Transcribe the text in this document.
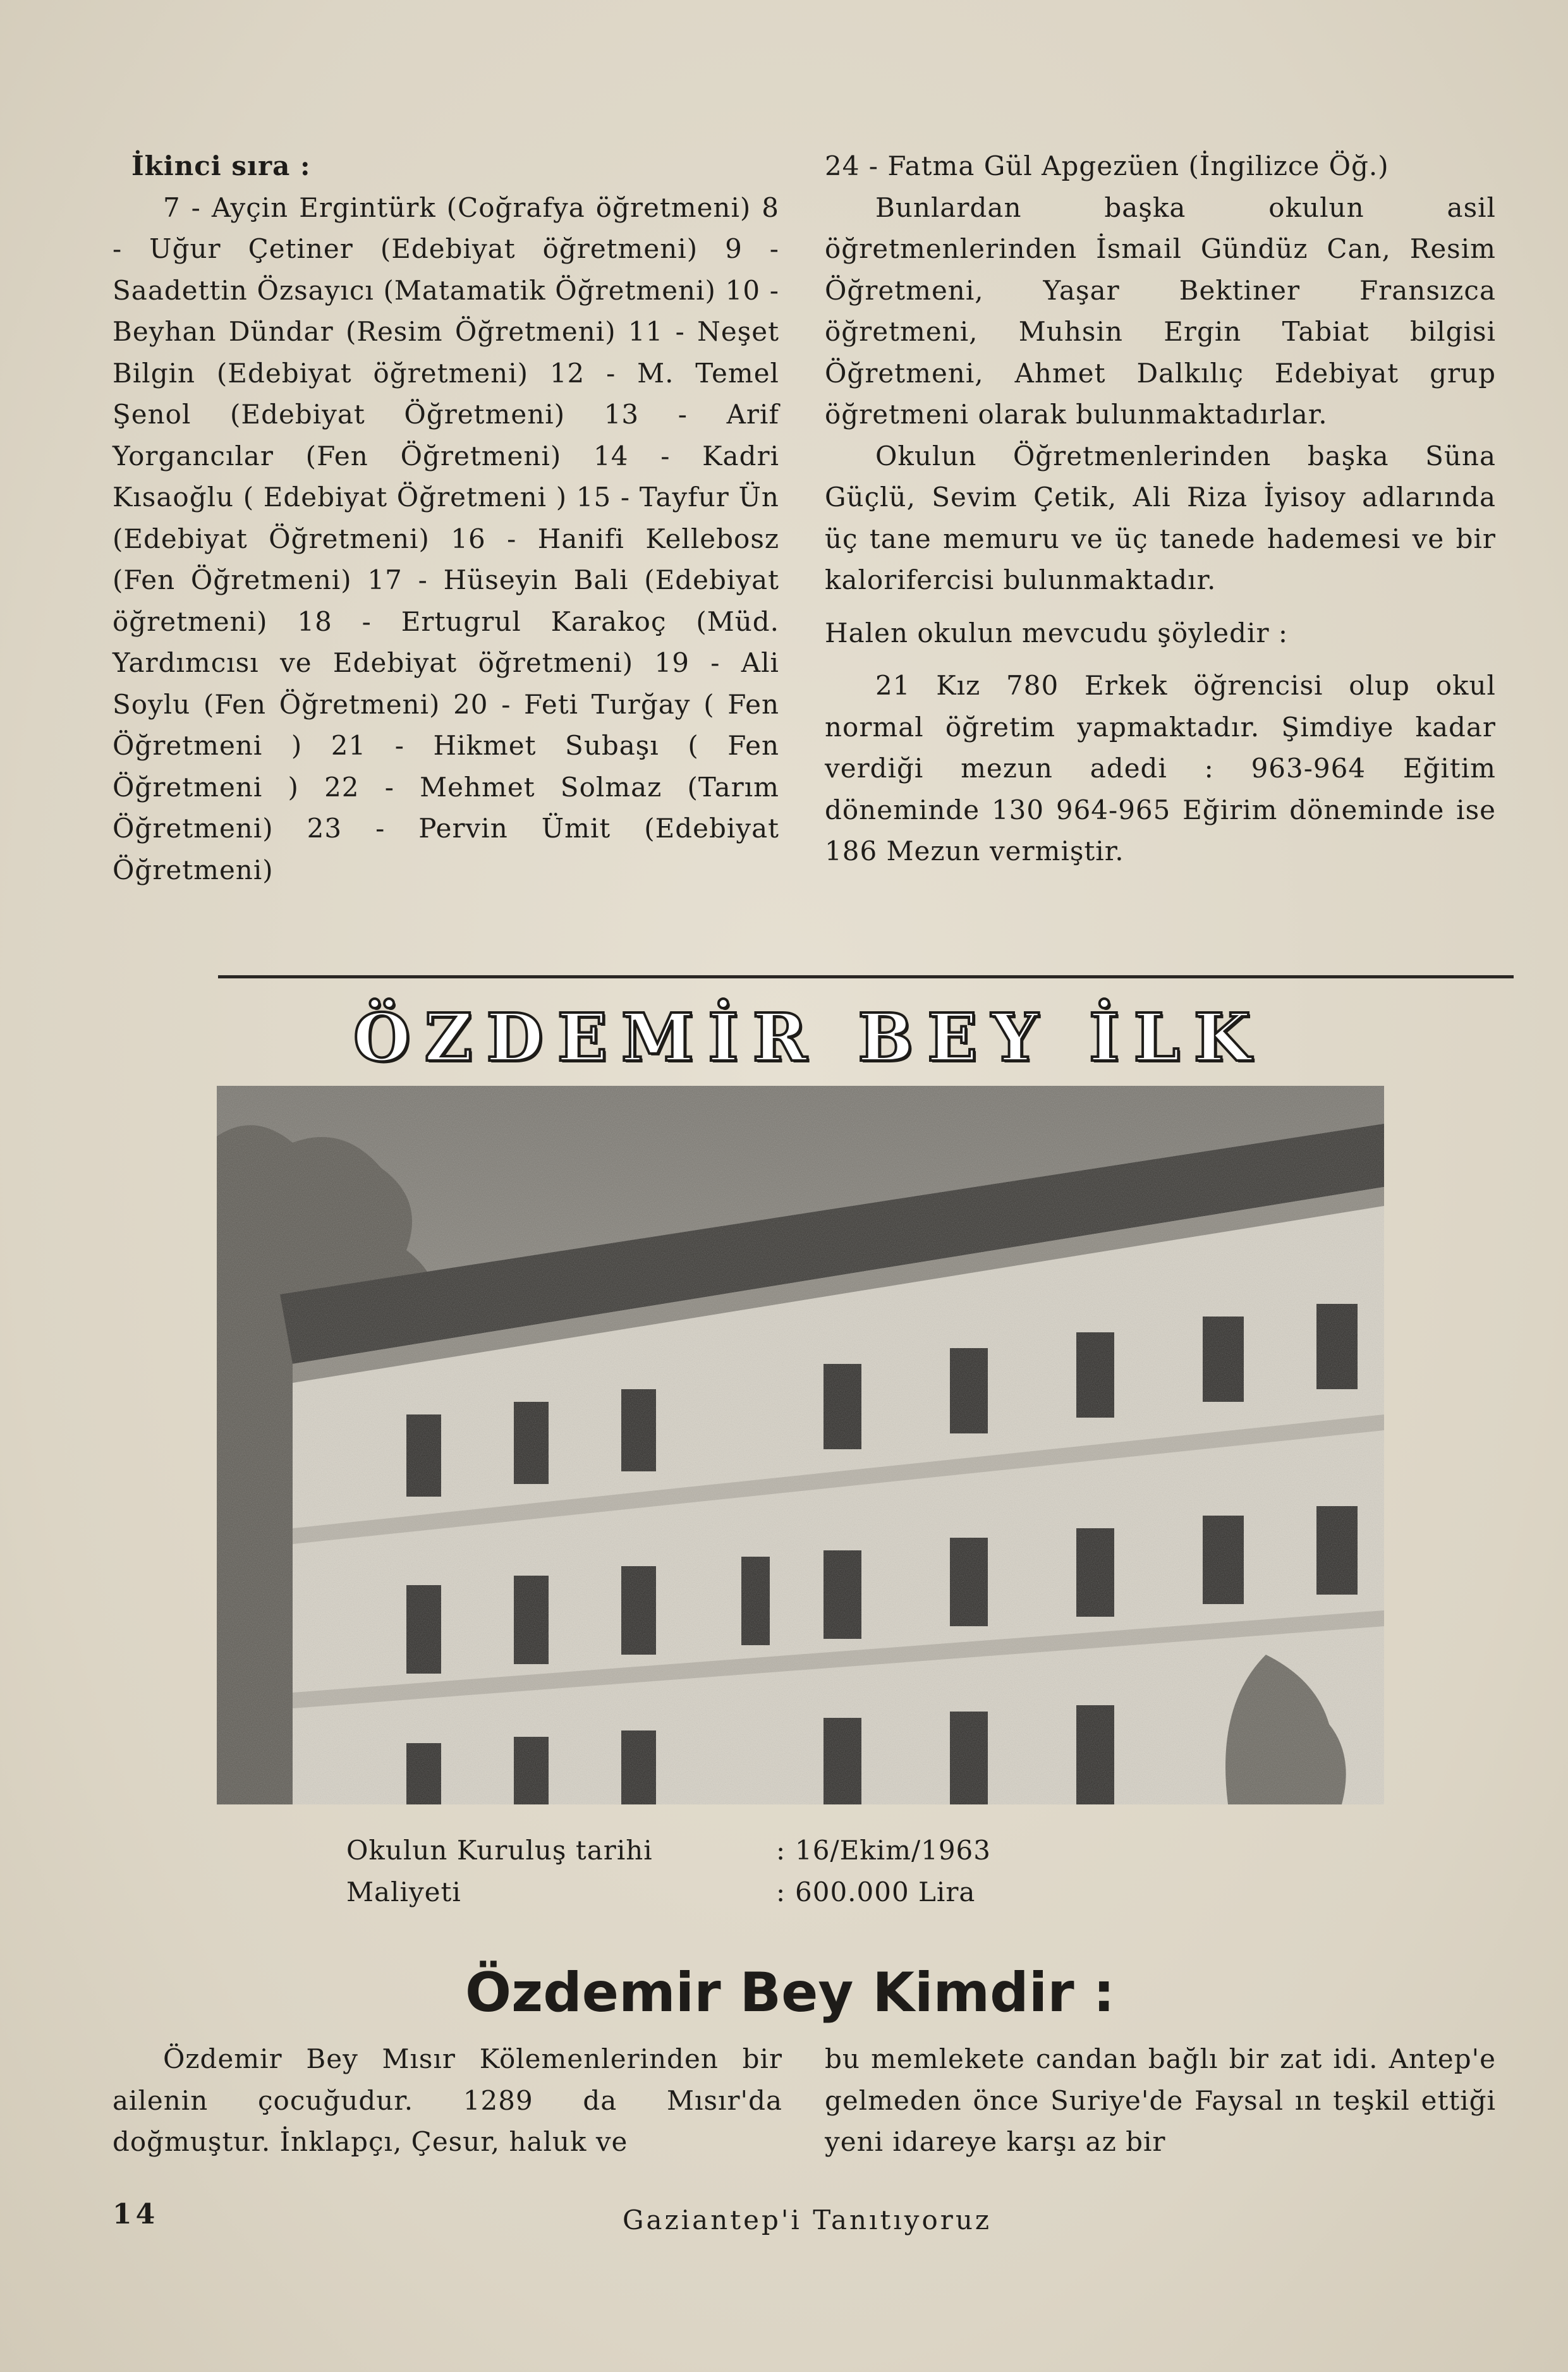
İkinci sıra :

7 - Ayçin Ergintürk (Coğrafya öğretmeni) 8 - Uğur Çetiner (Edebiyat öğretmeni) 9 - Saadettin Özsayıcı (Matamatik Öğretmeni) 10 - Beyhan Dündar (Resim Öğretmeni) 11 - Neşet Bilgin (Edebiyat öğretmeni) 12 - M. Temel Şenol (Edebiyat Öğretmeni) 13 - Arif Yorgancılar (Fen Öğretmeni) 14 - Kadri Kısaoğlu ( Edebiyat Öğretmeni ) 15 - Tayfur Ün (Edebiyat Öğretmeni) 16 - Hanifi Kellebosz (Fen Öğretmeni) 17 - Hüseyin Bali (Edebiyat öğretmeni) 18 - Ertugrul Karakoç (Müd. Yardımcısı ve Edebiyat öğretmeni) 19 - Ali Soylu (Fen Öğretmeni) 20 - Feti Turğay ( Fen Öğretmeni ) 21 - Hikmet Subaşı ( Fen Öğretmeni ) 22 - Mehmet Solmaz (Tarım Öğretmeni) 23 - Pervin Ümit (Edebiyat Öğretmeni)

24 - Fatma Gül Apgezüen (İngilizce Öğ.)

Bunlardan başka okulun asil öğretmenlerinden İsmail Gündüz Can, Resim Öğretmeni, Yaşar Bektiner Fransızca öğretmeni, Muhsin Ergin Tabiat bilgisi Öğretmeni, Ahmet Dalkılıç Edebiyat grup öğretmeni olarak bulunmaktadırlar.

Okulun Öğretmenlerinden başka Süna Güçlü, Sevim Çetik, Ali Riza İyisoy adlarında üç tane memuru ve üç tanede hademesi ve bir kalorifercisi bulunmaktadır.

Halen okulun mevcudu şöyledir :

21 Kız 780 Erkek öğrencisi olup okul normal öğretim yapmaktadır. Şimdiye kadar verdiği mezun adedi : 963-964 Eğitim döneminde 130 964-965 Eğirim döneminde ise 186 Mezun vermiştir.

ÖZDEMİR BEY İLK
Okulun Kuruluş tarihi	: 16/Ekim/1963
Maliyeti	: 600.000 Lira
Özdemir Bey Kimdir :

Özdemir Bey Mısır Kölemenlerinden bir ailenin çocuğudur. 1289 da Mısır'da doğmuştur. İnklapçı, Çesur, haluk ve

bu memlekete candan bağlı bir zat idi. Antep'e gelmeden önce Suriye'de Faysal ın teşkil ettiği yeni idareye karşı az bir

14	Gaziantep'i Tanıtıyoruz
